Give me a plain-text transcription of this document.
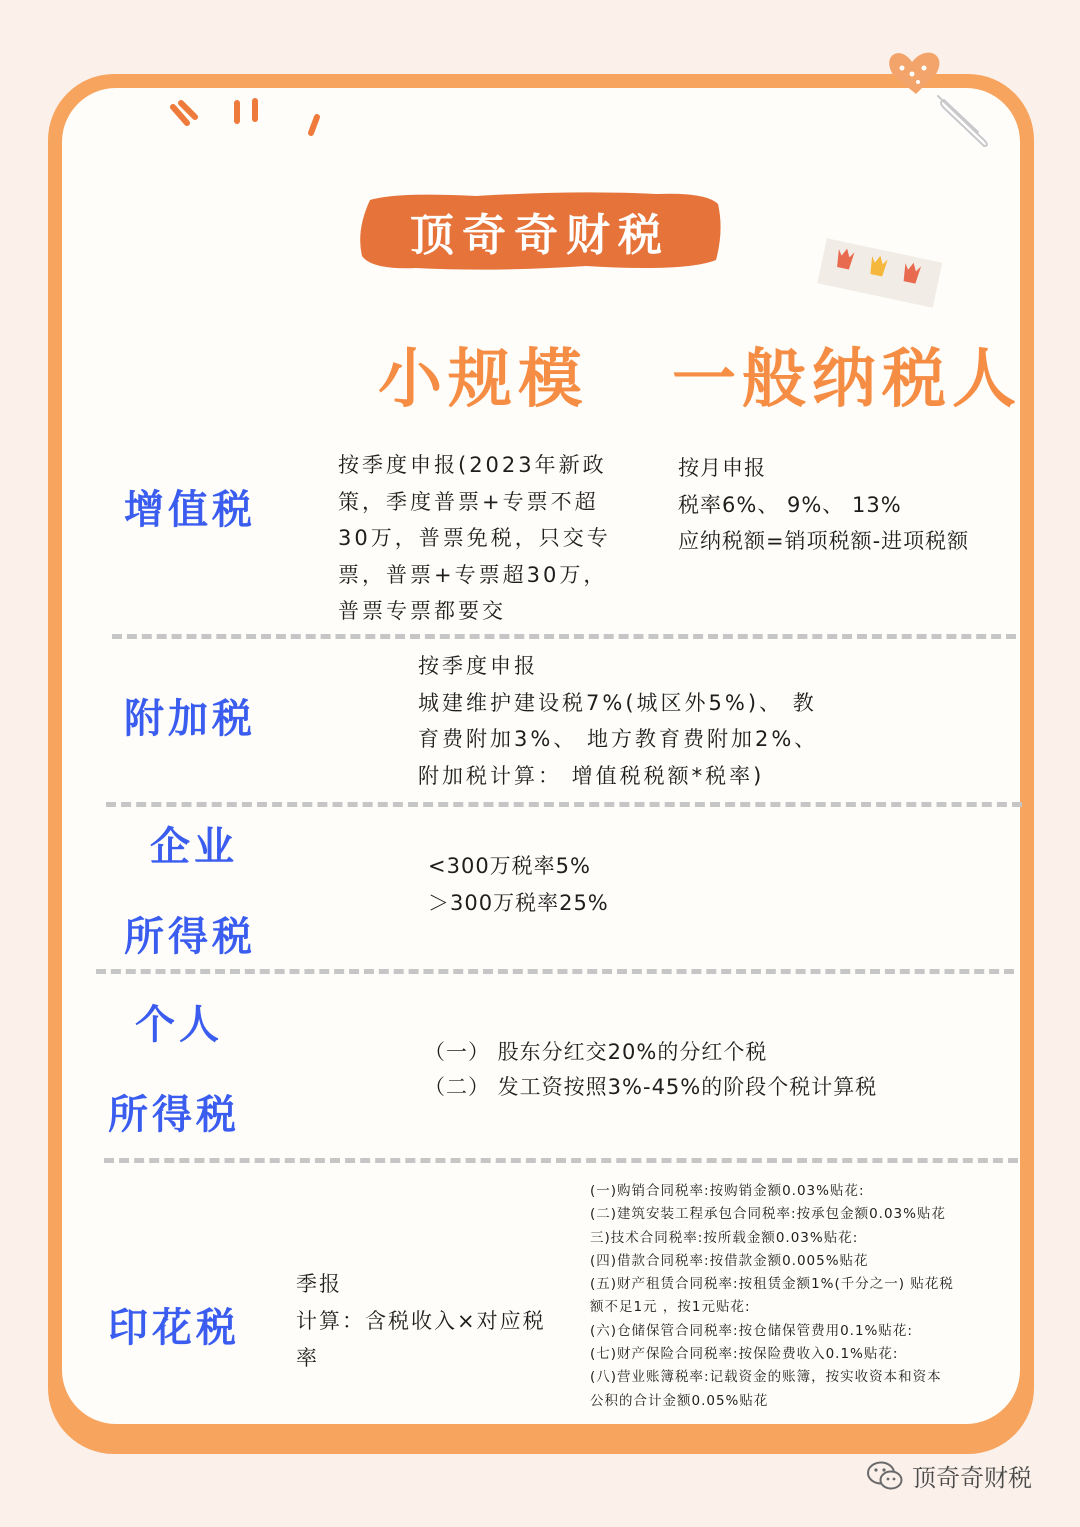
顶奇奇财税
小规模 一般纳税人
增值税
按季度申报(2023年新政
策，季度普票+专票不超
30万，普票免税，只交专
票，普票+专票超30万，
普票专票都要交
按月申报
税率6%、 9%、 13%
应纳税额=销项税额-进项税额
附加税
按季度申报
城建维护建设税7%(城区外5%)、 教
育费附加3%、 地方教育费附加2%、
附加税计算： 增值税税额*税率)
企业
所得税
<300万税率5%
＞300万税率25%
个人
所得税
（一） 股东分红交20%的分红个税
（二） 发工资按照3%-45%的阶段个税计算税
印花税
季报
计算：含税收入×对应税
率
(一)购销合同税率:按购销金额0.03%贴花:
(二)建筑安装工程承包合同税率:按承包金额0.03%贴花
三)技术合同税率:按所载金额0.03%贴花:
(四)借款合同税率:按借款金额0.005%贴花
(五)财产租赁合同税率:按租赁金额1%(千分之一) 贴花税
额不足1元 ，按1元贴花:
(六)仓储保管合同税率:按仓储保管费用0.1%贴花:
(七)财产保险合同税率:按保险费收入0.1%贴花:
(八)营业账簿税率:记载资金的账簿，按实收资本和资本
公积的合计金额0.05%贴花
顶奇奇财税
